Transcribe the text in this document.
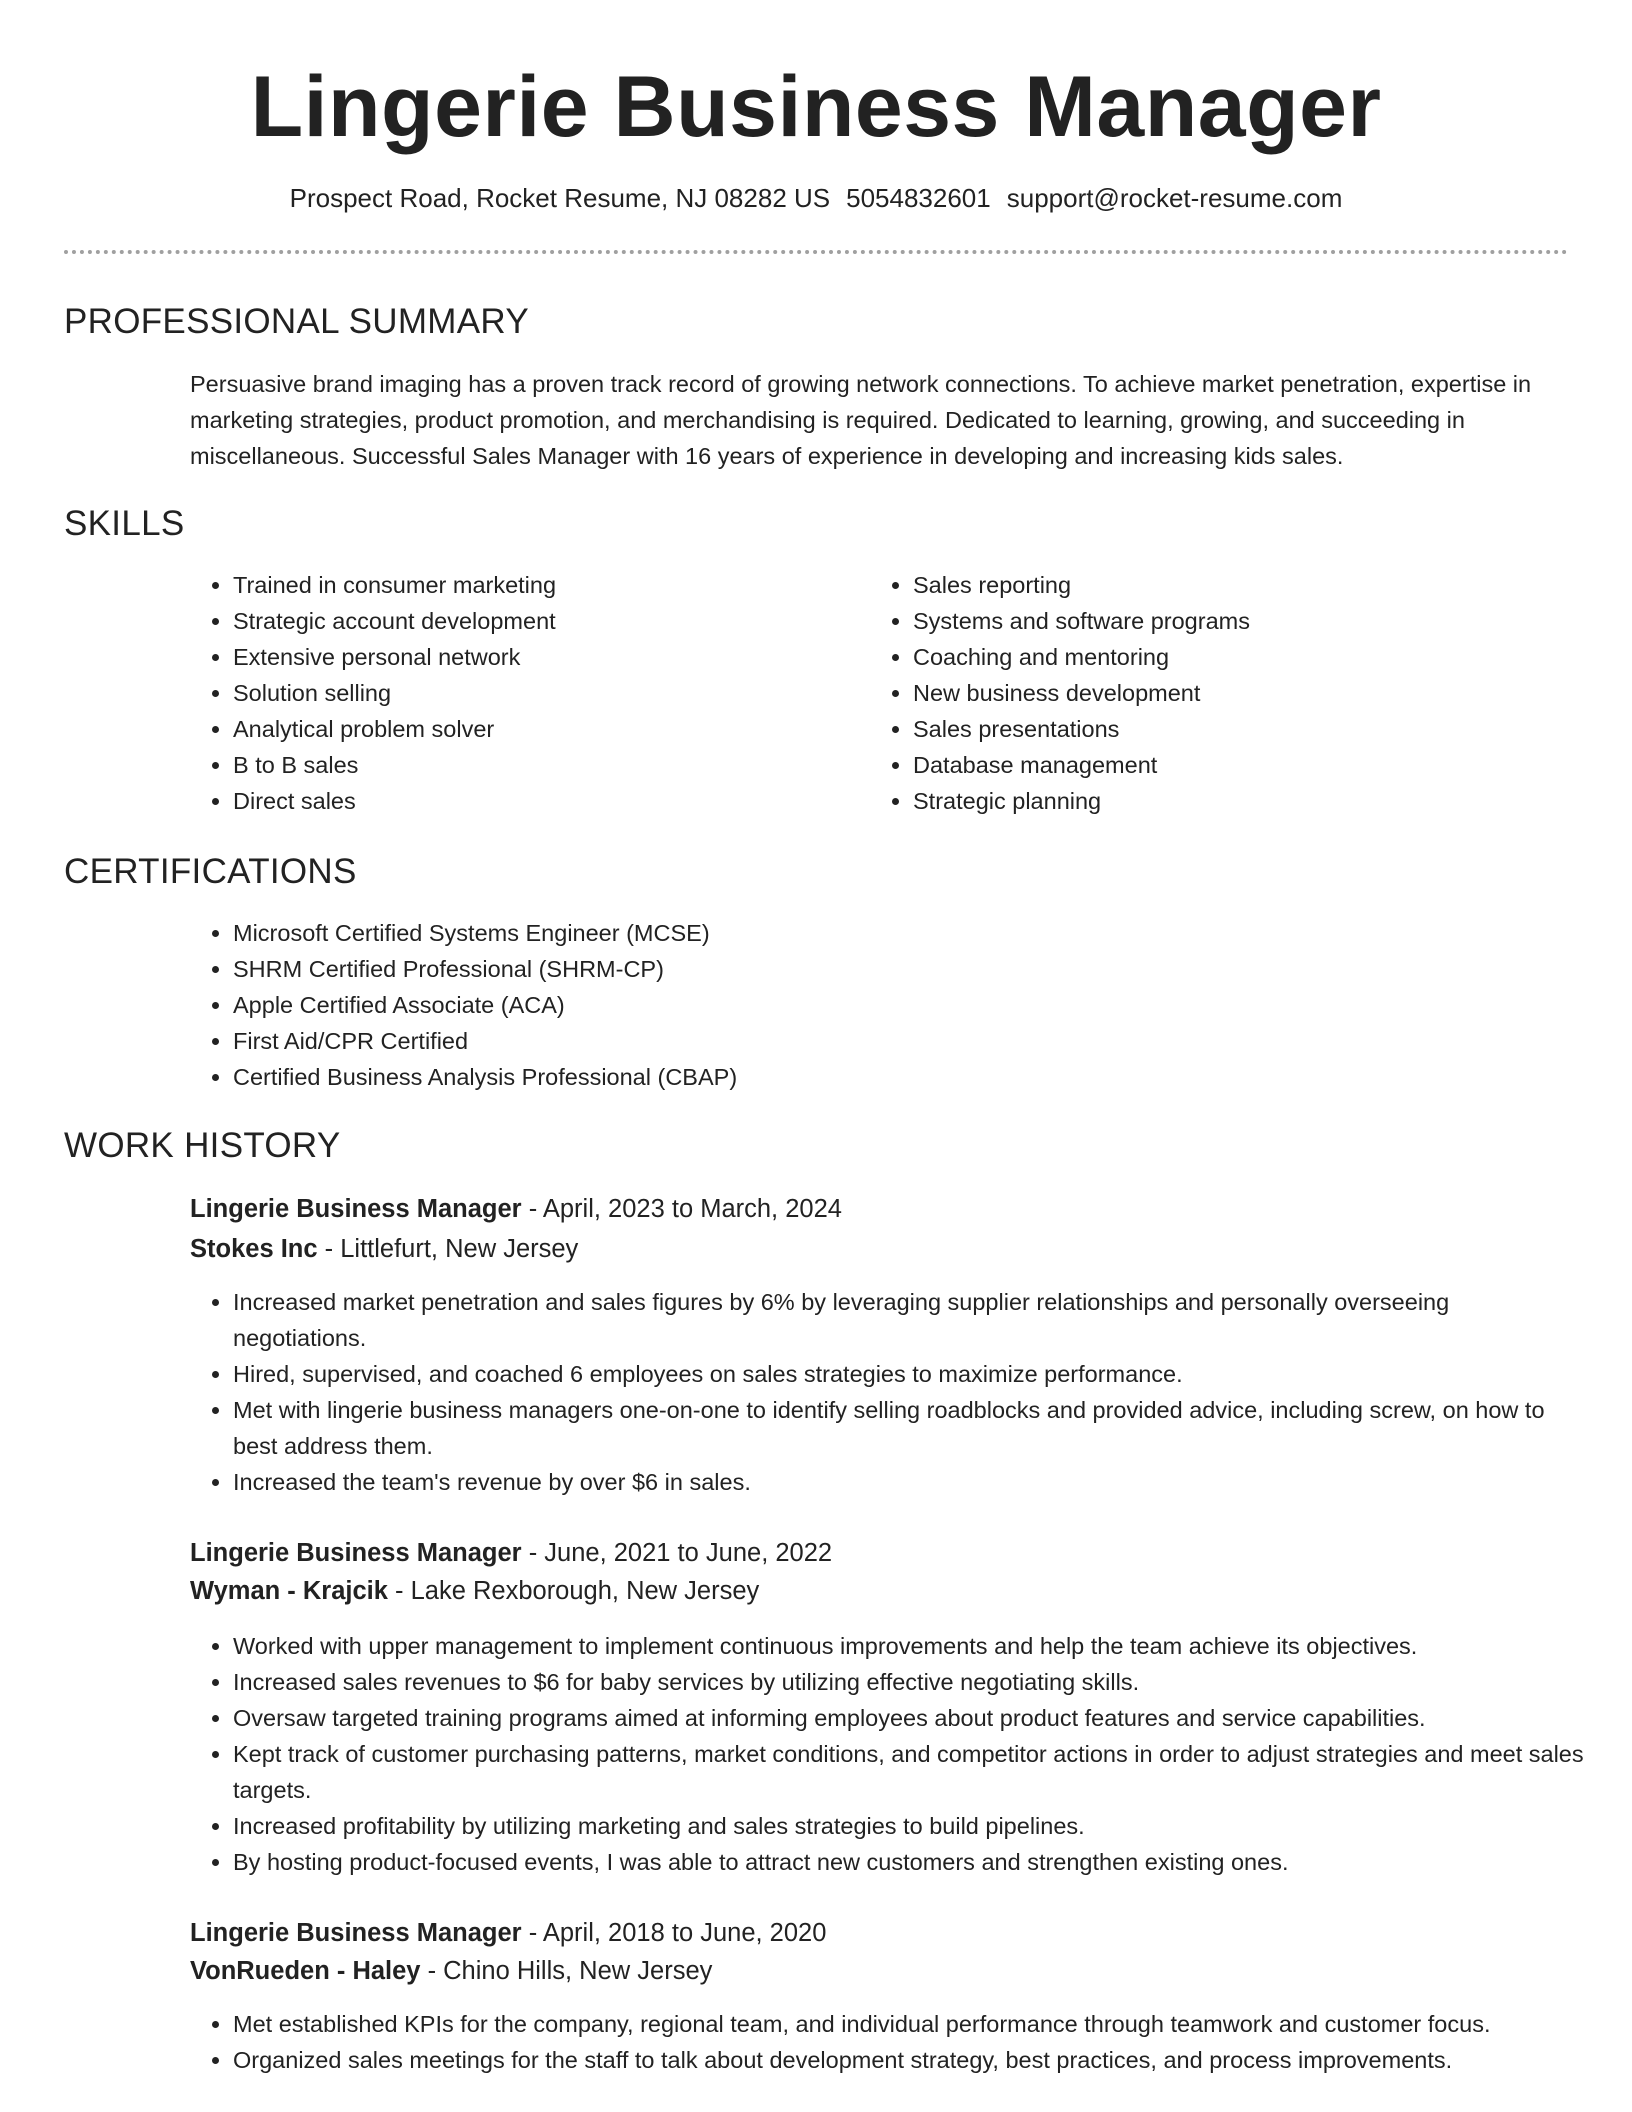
Lingerie Business Manager
Prospect Road, Rocket Resume, NJ 08282 US 5054832601 support@rocket-resume.com
PROFESSIONAL SUMMARY

Persuasive brand imaging has a proven track record of growing network connections. To achieve market penetration, expertise in marketing strategies, product promotion, and merchandising is required. Dedicated to learning, growing, and succeeding in miscellaneous. Successful Sales Manager with 16 years of experience in developing and increasing kids sales.

SKILLS
• Trained in consumer marketing
• Strategic account development
• Extensive personal network
• Solution selling
• Analytical problem solver
• B to B sales
• Direct sales
• Sales reporting
• Systems and software programs
• Coaching and mentoring
• New business development
• Sales presentations
• Database management
• Strategic planning
CERTIFICATIONS
• Microsoft Certified Systems Engineer (MCSE)
• SHRM Certified Professional (SHRM-CP)
• Apple Certified Associate (ACA)
• First Aid/CPR Certified
• Certified Business Analysis Professional (CBAP)
WORK HISTORY
Lingerie Business Manager - April, 2023 to March, 2024
Stokes Inc - Littlefurt, New Jersey
• Increased market penetration and sales figures by 6% by leveraging supplier relationships and personally overseeing negotiations.
• Hired, supervised, and coached 6 employees on sales strategies to maximize performance.
• Met with lingerie business managers one-on-one to identify selling roadblocks and provided advice, including screw, on how to best address them.
• Increased the team's revenue by over $6 in sales.
Lingerie Business Manager - June, 2021 to June, 2022
Wyman - Krajcik - Lake Rexborough, New Jersey
• Worked with upper management to implement continuous improvements and help the team achieve its objectives.
• Increased sales revenues to $6 for baby services by utilizing effective negotiating skills.
• Oversaw targeted training programs aimed at informing employees about product features and service capabilities.
• Kept track of customer purchasing patterns, market conditions, and competitor actions in order to adjust strategies and meet sales targets.
• Increased profitability by utilizing marketing and sales strategies to build pipelines.
• By hosting product-focused events, I was able to attract new customers and strengthen existing ones.
Lingerie Business Manager - April, 2018 to June, 2020
VonRueden - Haley - Chino Hills, New Jersey
• Met established KPIs for the company, regional team, and individual performance through teamwork and customer focus.
• Organized sales meetings for the staff to talk about development strategy, best practices, and process improvements.
